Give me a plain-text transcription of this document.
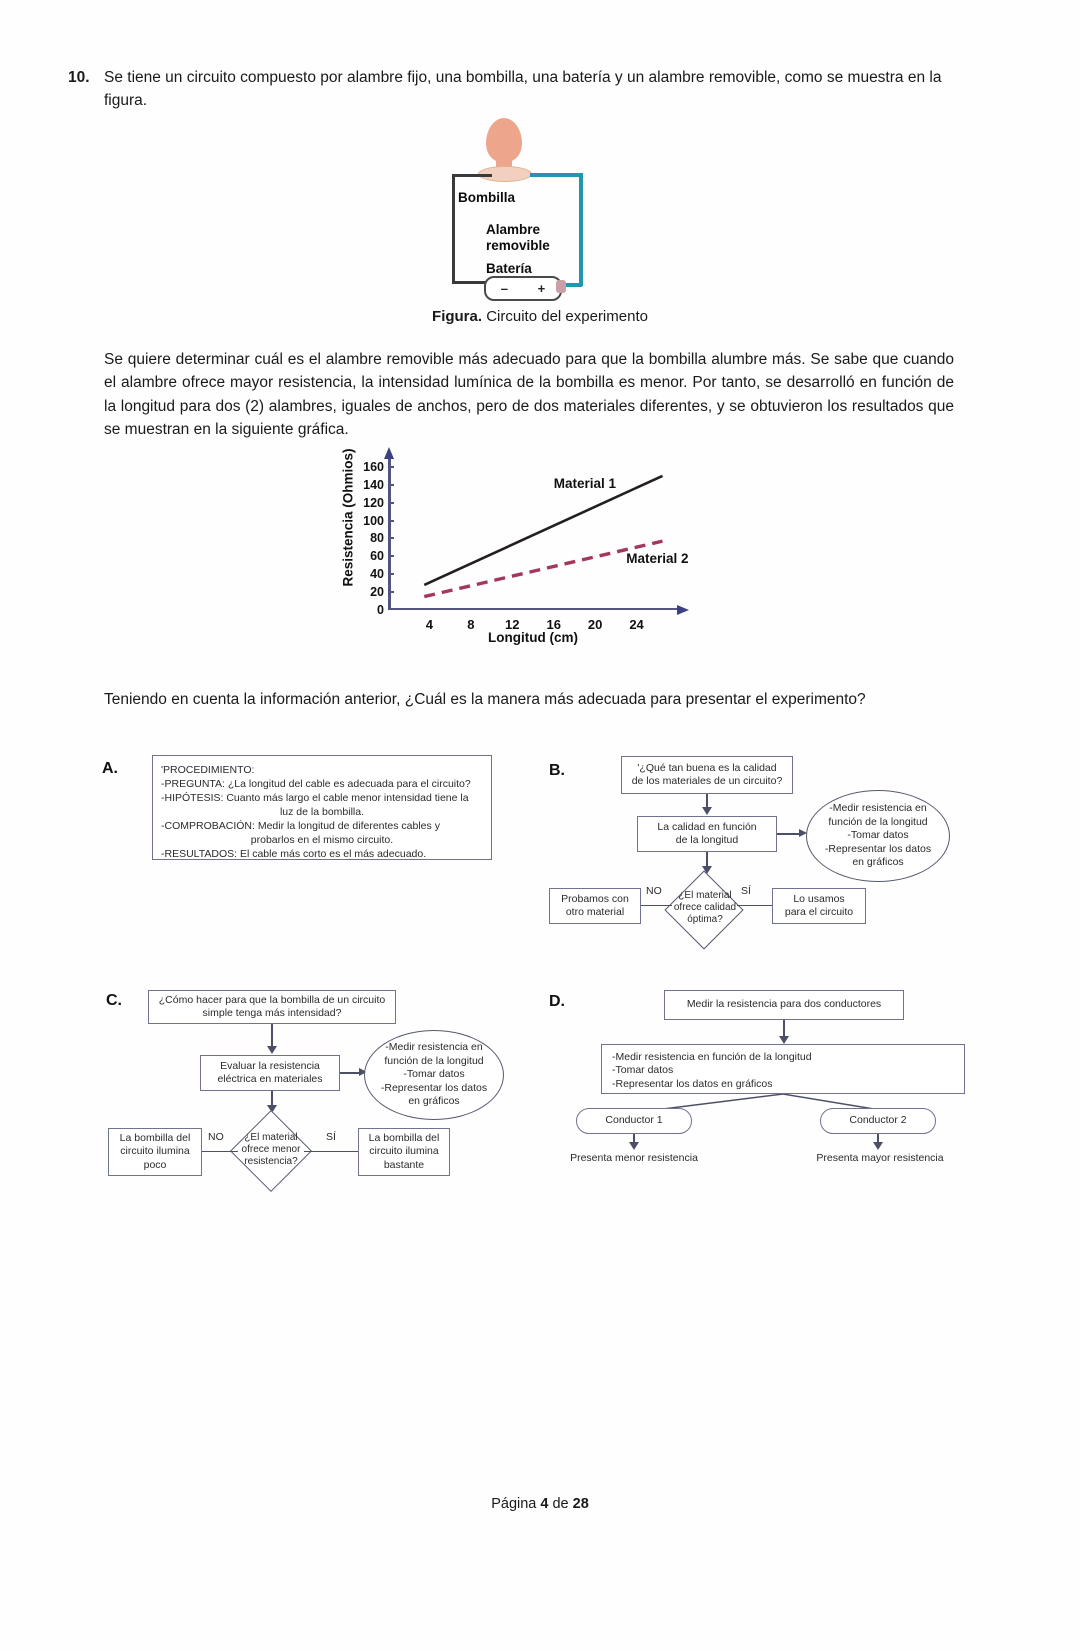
10. Se tiene un circuito compuesto por alambre fijo, una bombilla, una batería y un alambre removible, como se muestra en la figura.
Bombilla
Alambre
removible
Batería
– +
Figura. Circuito del experimento
Se quiere determinar cuál es el alambre removible más adecuado para que la bombilla alumbre más. Se sabe que cuando el alambre ofrece mayor resistencia, la intensidad lumínica de la bombilla es menor. Por tanto, se desarrolló en función de la longitud para dos (2) alambres, iguales de anchos, pero de dos materiales diferentes, y se obtuvieron los resultados que se muestran en la siguiente gráfica.
Resistencia (Ohmios)
0
20
40
60
80
100
120
140
160
4	8 12 16 20 24
Longitud (cm)
Material 1
Material 2
Teniendo en cuenta la información anterior, ¿Cuál es la manera más adecuada para presentar el experimento?
A.	'PROCEDIMIENTO:
-PREGUNTA: ¿La longitud del cable es adecuada para el circuito?
-HIPÓTESIS: Cuanto más largo el cable menor intensidad tiene la
luz de la bombilla.
-COMPROBACIÓN: Medir la longitud de diferentes cables y
probarlos en el mismo circuito.
-RESULTADOS: El cable más corto es el más adecuado.
B.	'¿Qué tan buena es la calidad
de los materiales de un circuito?
La calidad en función
de la longitud
-Medir resistencia en
función de la longitud
-Tomar datos
-Representar los datos
en gráficos
¿El material
ofrece calidad
óptima?
Probamos con
otro material
NO
Lo usamos
para el circuito
SÍ
C.	¿Cómo hacer para que la bombilla de un circuito
simple tenga más intensidad?
Evaluar la resistencia
eléctrica en materiales
-Medir resistencia en
función de la longitud
-Tomar datos
-Representar los datos
en gráficos
¿El material
ofrece menor
resistencia?
La bombilla del
circuito ilumina
poco
NO	La bombilla del
circuito ilumina
bastante
SÍ
D.	Medir la resistencia para dos conductores
-Medir resistencia en función de la longitud
-Tomar datos
-Representar los datos en gráficos
Conductor 1	Conductor 2
Presenta menor resistencia	Presenta mayor resistencia
Página 4 de 28
